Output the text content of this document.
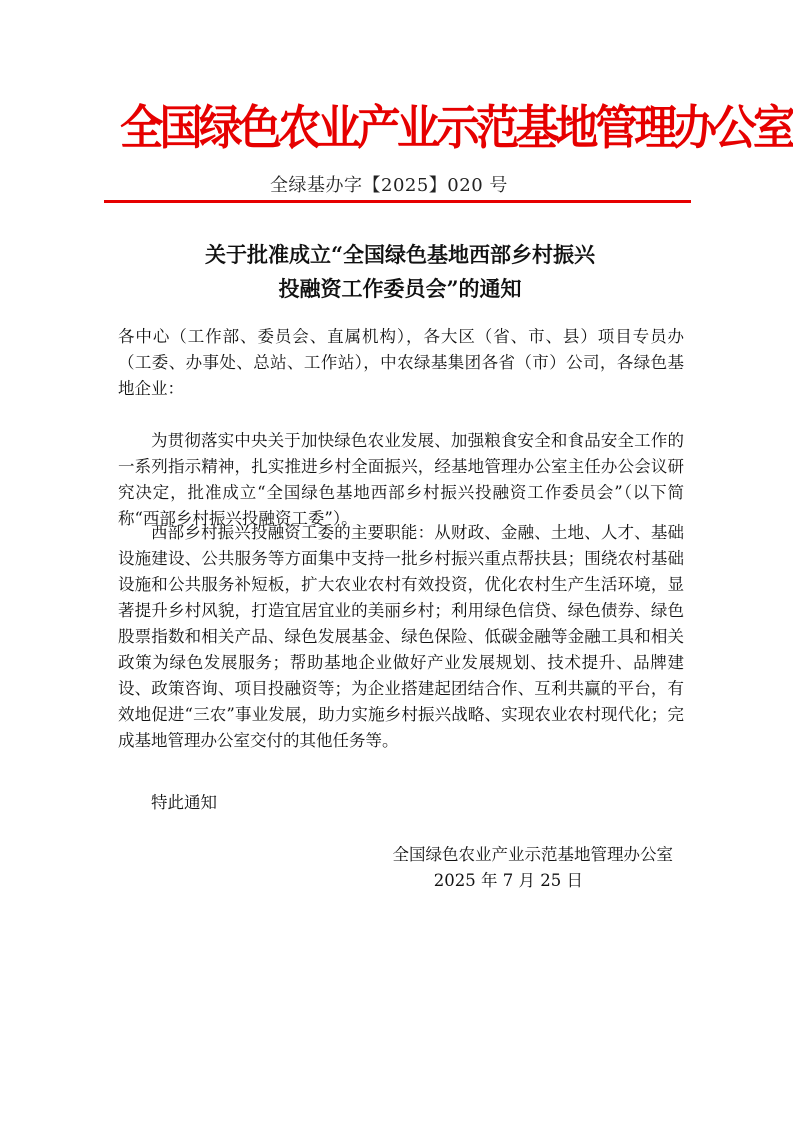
全国绿色农业产业示范基地管理办公室
全绿基办字【2025】020 号
关于批准成立“全国绿色基地西部乡村振兴
投融资工作委员会”的通知
各中心（工作部、委员会、直属机构），各大区（省、市、县）项目专员办（工委、办事处、总站、工作站），中农绿基集团各省（市）公司，各绿色基地企业：
为贯彻落实中央关于加快绿色农业发展、加强粮食安全和食品安全工作的一系列指示精神，扎实推进乡村全面振兴，经基地管理办公室主任办公会议研究决定，批准成立“全国绿色基地西部乡村振兴投融资工作委员会”（以下简称“西部乡村振兴投融资工委”）。
西部乡村振兴投融资工委的主要职能：从财政、金融、土地、人才、基础设施建设、公共服务等方面集中支持一批乡村振兴重点帮扶县；围绕农村基础设施和公共服务补短板，扩大农业农村有效投资，优化农村生产生活环境，显著提升乡村风貌，打造宜居宜业的美丽乡村；利用绿色信贷、绿色债券、绿色股票指数和相关产品、绿色发展基金、绿色保险、低碳金融等金融工具和相关政策为绿色发展服务；帮助基地企业做好产业发展规划、技术提升、品牌建设、政策咨询、项目投融资等；为企业搭建起团结合作、互利共赢的平台，有效地促进“三农”事业发展，助力实施乡村振兴战略、实现农业农村现代化；完成基地管理办公室交付的其他任务等。
特此通知
全国绿色农业产业示范基地管理办公室
2025 年 7 月 25 日
